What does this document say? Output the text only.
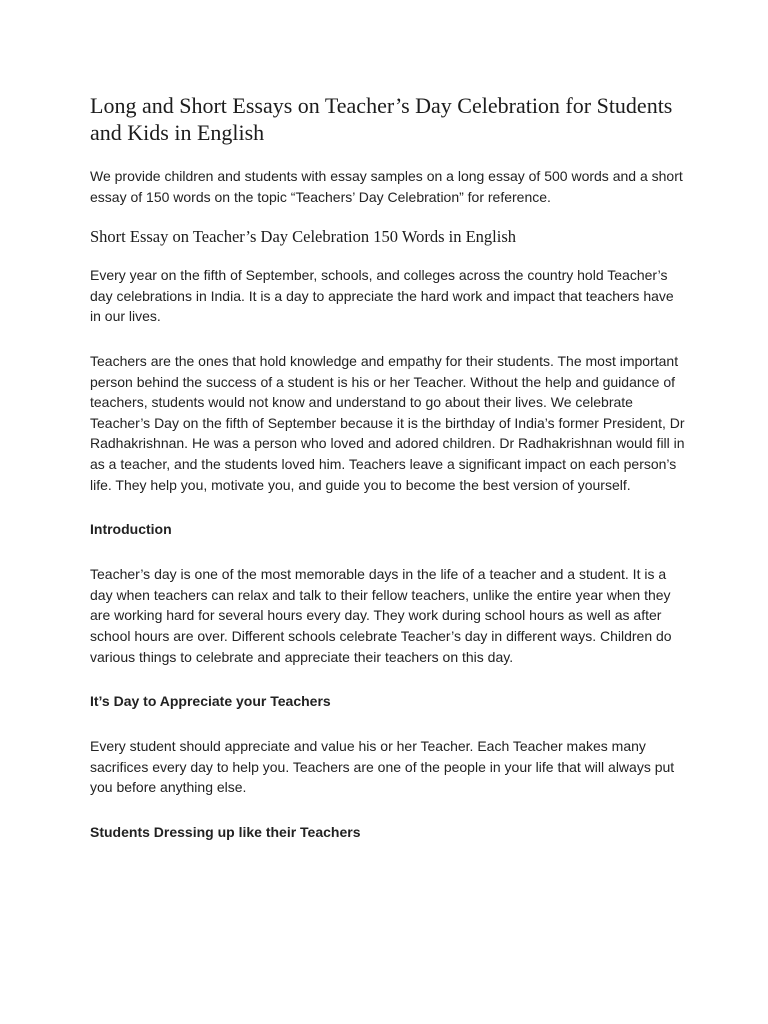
Long and Short Essays on Teacher’s Day Celebration for Students and Kids in English

We provide children and students with essay samples on a long essay of 500 words and a short essay of 150 words on the topic “Teachers’ Day Celebration” for reference.

Short Essay on Teacher’s Day Celebration 150 Words in English

Every year on the fifth of September, schools, and colleges across the country hold Teacher’s day celebrations in India. It is a day to appreciate the hard work and impact that teachers have in our lives.

Teachers are the ones that hold knowledge and empathy for their students. The most important person behind the success of a student is his or her Teacher. Without the help and guidance of teachers, students would not know and understand to go about their lives. We celebrate Teacher’s Day on the fifth of September because it is the birthday of India’s former President, Dr Radhakrishnan. He was a person who loved and adored children. Dr Radhakrishnan would fill in as a teacher, and the students loved him. Teachers leave a significant impact on each person’s life. They help you, motivate you, and guide you to become the best version of yourself.

Introduction

Teacher’s day is one of the most memorable days in the life of a teacher and a student. It is a day when teachers can relax and talk to their fellow teachers, unlike the entire year when they are working hard for several hours every day. They work during school hours as well as after school hours are over. Different schools celebrate Teacher’s day in different ways. Children do various things to celebrate and appreciate their teachers on this day.

It’s Day to Appreciate your Teachers

Every student should appreciate and value his or her Teacher. Each Teacher makes many sacrifices every day to help you. Teachers are one of the people in your life that will always put you before anything else.

Students Dressing up like their Teachers
